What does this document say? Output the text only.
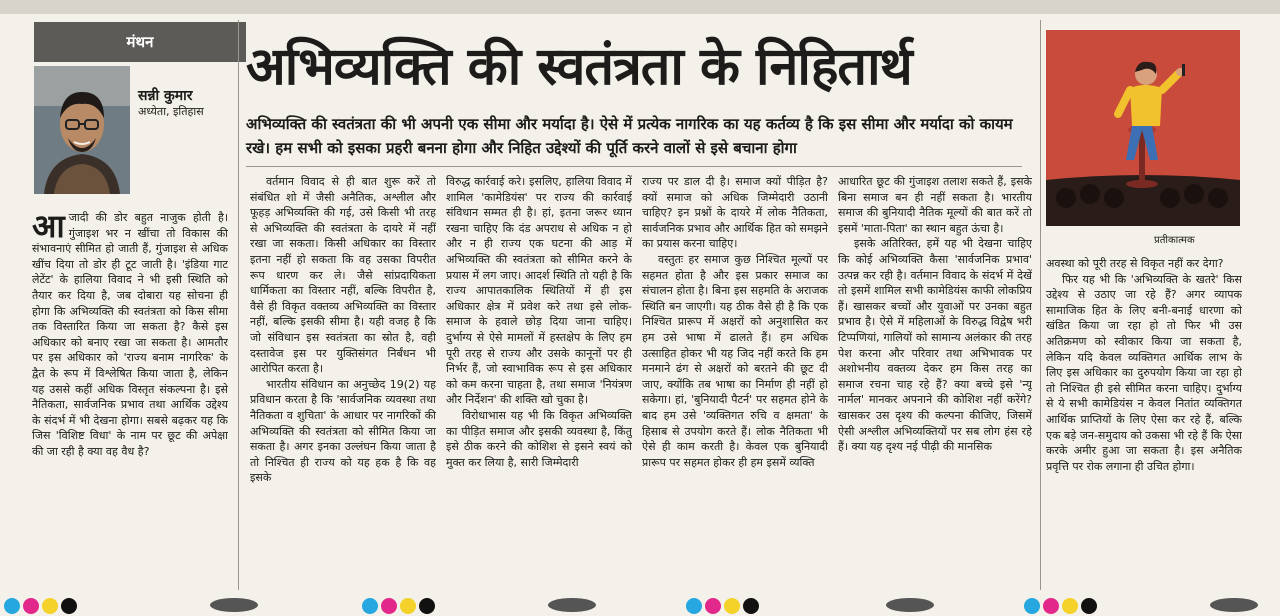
मंथन
सन्नी कुमार
अध्येता, इतिहास
अभिव्यक्ति की स्वतंत्रता के निहितार्थ
अभिव्यक्ति की स्वतंत्रता की भी अपनी एक सीमा और मर्यादा है। ऐसे में प्रत्येक नागरिक का यह कर्तव्य है कि इस सीमा और मर्यादा को कायम रखे। हम सभी को इसका प्रहरी बनना होगा और निहित उद्देश्यों की पूर्ति करने वालों से इसे बचाना होगा
प्रतीकात्मक

आजादी की डोर बहुत नाजुक होती है। गुंजाइश भर न खींचा तो विकास की संभावनाएं सीमित हो जाती हैं, गुंजाइश से अधिक खींच दिया तो डोर ही टूट जाती है। 'इंडिया गाट लेटेंट' के हालिया विवाद ने भी इसी स्थिति को तैयार कर दिया है, जब दोबारा यह सोचना ही होगा कि अभिव्यक्ति की स्वतंत्रता को किस सीमा तक विस्तारित किया जा सकता है? कैसे इस अधिकार को बनाए रखा जा सकता है। आमतौर पर इस अधिकार को 'राज्य बनाम नागरिक' के द्वैत के रूप में विश्लेषित किया जाता है, लेकिन यह उससे कहीं अधिक विस्तृत संकल्पना है। इसे नैतिकता, सार्वजनिक प्रभाव तथा आर्थिक उद्देश्य के संदर्भ में भी देखना होगा। सबसे बढ़कर यह कि जिस 'विशिष्ट विधा' के नाम पर छूट की अपेक्षा की जा रही है क्या वह वैध है?

वर्तमान विवाद से ही बात शुरू करें तो संबंधित शो में जैसी अनैतिक, अश्लील और फूहड़ अभिव्यक्ति की गई, उसे किसी भी तरह से अभिव्यक्ति की स्वतंत्रता के दायरे में नहीं रखा जा सकता। किसी अधिकार का विस्तार इतना नहीं हो सकता कि वह उसका विपरीत रूप धारण कर ले। जैसे सांप्रदायिकता धार्मिकता का विस्तार नहीं, बल्कि विपरीत है, वैसे ही विकृत वक्तव्य अभिव्यक्ति का विस्तार नहीं, बल्कि इसकी सीमा है। यही वजह है कि जो संविधान इस स्वतंत्रता का स्रोत है, वही दस्तावेज इस पर युक्तिसंगत निर्बंधन भी आरोपित करता है।

भारतीय संविधान का अनुच्छेद 19(2) यह प्रविधान करता है कि 'सार्वजनिक व्यवस्था तथा नैतिकता व शुचिता' के आधार पर नागरिकों की अभिव्यक्ति की स्वतंत्रता को सीमित किया जा सकता है। अगर इनका उल्लंघन किया जाता है तो निश्चित ही राज्य को यह हक है कि वह इसके

विरुद्ध कार्रवाई करे। इसलिए, हालिया विवाद में शामिल 'कामेडियंस' पर राज्य की कार्रवाई संविधान सम्मत ही है। हां, इतना जरूर ध्यान रखना चाहिए कि दंड अपराध से अधिक न हो और न ही राज्य एक घटना की आड़ में अभिव्यक्ति की स्वतंत्रता को सीमित करने के प्रयास में लग जाए। आदर्श स्थिति तो यही है कि राज्य आपातकालिक स्थितियों में ही इस अधिकार क्षेत्र में प्रवेश करे तथा इसे लोक-समाज के हवाले छोड़ दिया जाना चाहिए। दुर्भाग्य से ऐसे मामलों में हस्तक्षेप के लिए हम पूरी तरह से राज्य और उसके कानूनों पर ही निर्भर हैं, जो स्वाभाविक रूप से इस अधिकार को कम करना चाहता है, तथा समाज 'नियंत्रण और निर्देशन' की शक्ति खो चुका है।

विरोधाभास यह भी कि विकृत अभिव्यक्ति का पीड़ित समाज और इसकी व्यवस्था है, किंतु इसे ठीक करने की कोशिश से इसने स्वयं को मुक्त कर लिया है, सारी जिम्मेदारी

राज्य पर डाल दी है। समाज क्यों पीड़ित है? क्यों समाज को अधिक जिम्मेदारी उठानी चाहिए? इन प्रश्नों के दायरे में लोक नैतिकता, सार्वजनिक प्रभाव और आर्थिक हित को समझने का प्रयास करना चाहिए।

वस्तुतः हर समाज कुछ निश्चित मूल्यों पर सहमत होता है और इस प्रकार समाज का संचालन होता है। बिना इस सहमति के अराजक स्थिति बन जाएगी। यह ठीक वैसे ही है कि एक निश्चित प्रारूप में अक्षरों को अनुशासित कर हम उसे भाषा में ढालते हैं। हम अधिक उत्साहित होकर भी यह जिद नहीं करते कि हम मनमाने ढंग से अक्षरों को बरतने की छूट दी जाए, क्योंकि तब भाषा का निर्माण ही नहीं हो सकेगा। हां, 'बुनियादी पैटर्न' पर सहमत होने के बाद हम उसे 'व्यक्तिगत रुचि व क्षमता' के हिसाब से उपयोग करते हैं। लोक नैतिकता भी ऐसे ही काम करती है। केवल एक बुनियादी प्रारूप पर सहमत होकर ही हम इसमें व्यक्ति

आधारित छूट की गुंजाइश तलाश सकते हैं, इसके बिना समाज बन ही नहीं सकता है। भारतीय समाज की बुनियादी नैतिक मूल्यों की बात करें तो इसमें 'माता-पिता' का स्थान बहुत ऊंचा है।

इसके अतिरिक्त, हमें यह भी देखना चाहिए कि कोई अभिव्यक्ति कैसा 'सार्वजनिक प्रभाव' उत्पन्न कर रही है। वर्तमान विवाद के संदर्भ में देखें तो इसमें शामिल सभी कामेडियंस काफी लोकप्रिय हैं। खासकर बच्चों और युवाओं पर उनका बहुत प्रभाव है। ऐसे में महिलाओं के विरुद्ध विद्वेष भरी टिप्पणियां, गालियों को सामान्य अलंकार की तरह पेश करना और परिवार तथा अभिभावक पर अशोभनीय वक्तव्य देकर हम किस तरह का समाज रचना चाह रहे हैं? क्या बच्चे इसे 'न्यू नार्मल' मानकर अपनाने की कोशिश नहीं करेंगे? खासकर उस दृश्य की कल्पना कीजिए, जिसमें ऐसी अश्लील अभिव्यक्तियों पर सब लोग हंस रहे हैं। क्या यह दृश्य नई पीढ़ी की मानसिक

अवस्था को पूरी तरह से विकृत नहीं कर देगा?

फिर यह भी कि 'अभिव्यक्ति के खतरे' किस उद्देश्य से उठाए जा रहे हैं? अगर व्यापक सामाजिक हित के लिए बनी-बनाई धारणा को खंडित किया जा रहा हो तो फिर भी उस अतिक्रमण को स्वीकार किया जा सकता है, लेकिन यदि केवल व्यक्तिगत आर्थिक लाभ के लिए इस अधिकार का दुरुपयोग किया जा रहा हो तो निश्चित ही इसे सीमित करना चाहिए। दुर्भाग्य से ये सभी कामेडियंस न केवल नितांत व्यक्तिगत आर्थिक प्राप्तियों के लिए ऐसा कर रहे हैं, बल्कि एक बड़े जन-समुदाय को उकसा भी रहे हैं कि ऐसा करके अमीर हुआ जा सकता है। इस अनैतिक प्रवृत्ति पर रोक लगाना ही उचित होगा।
